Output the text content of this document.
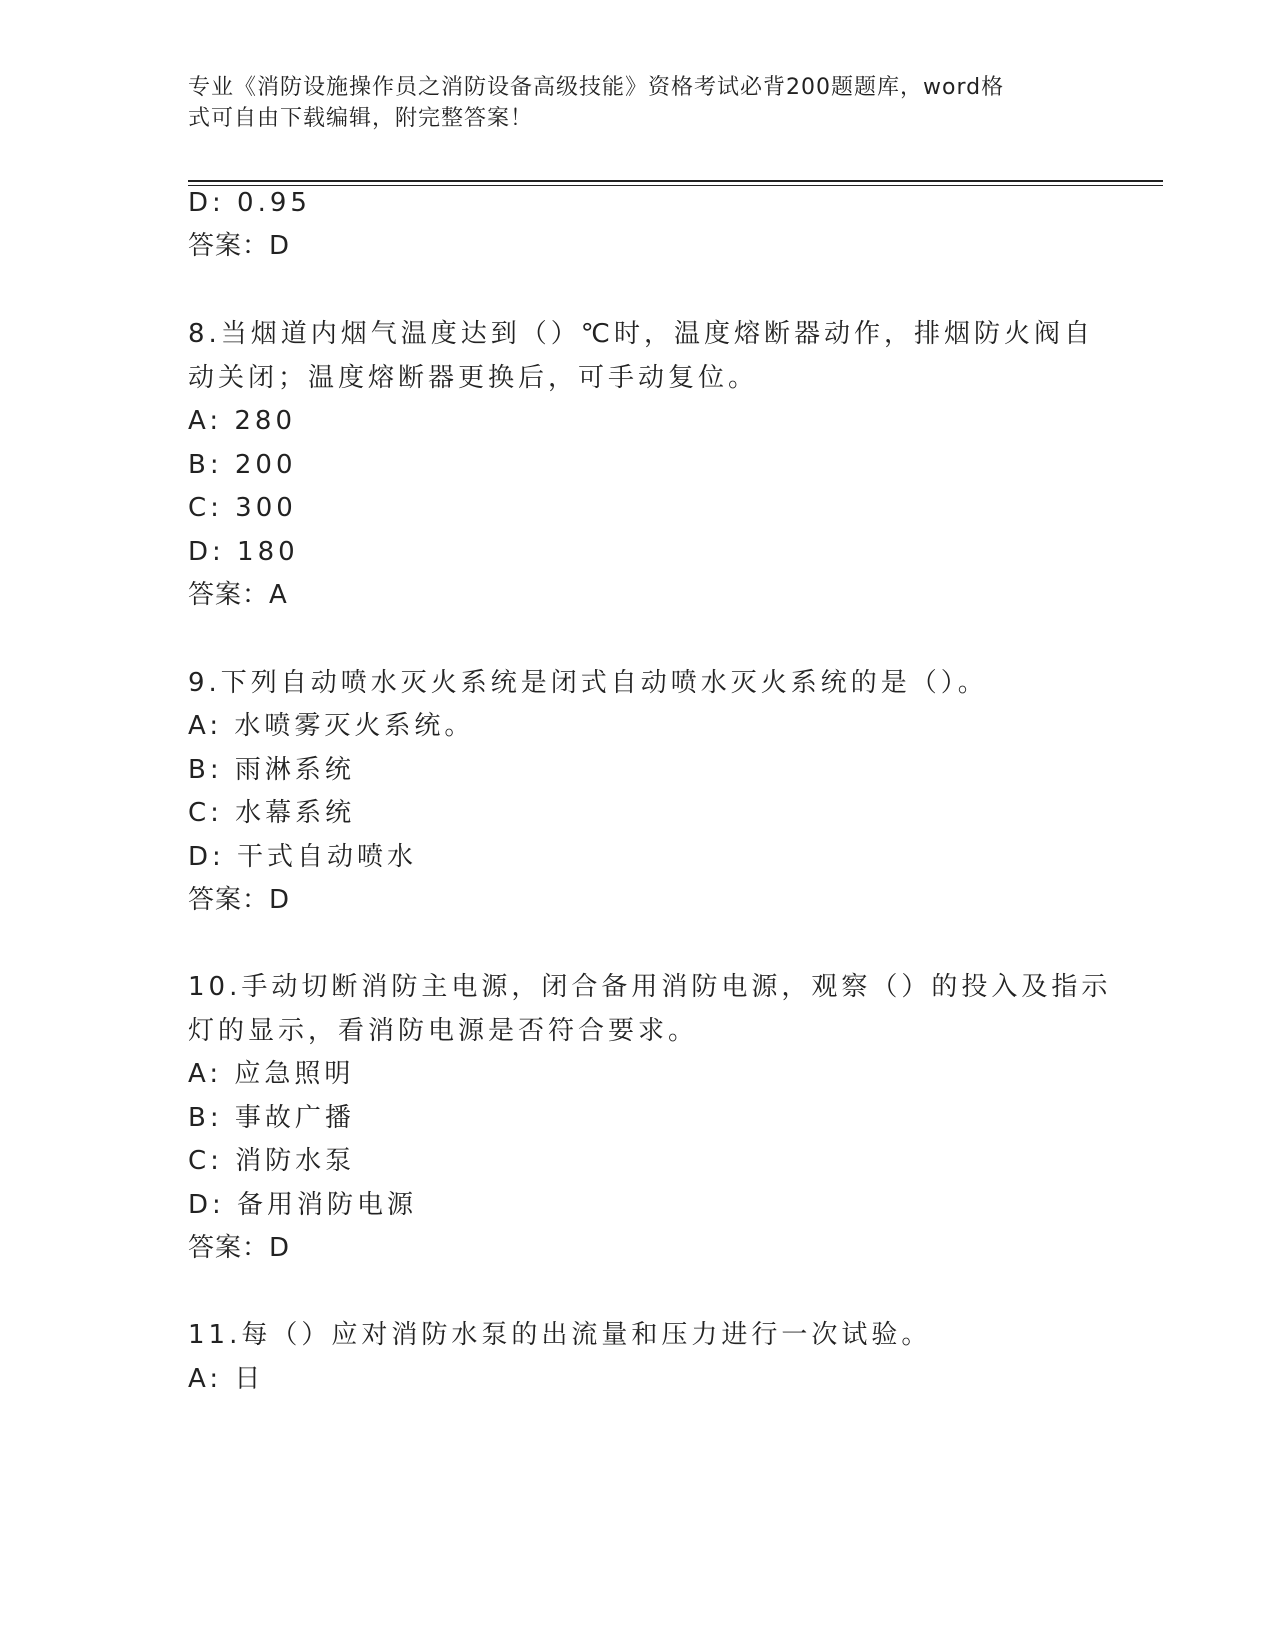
专业《消防设施操作员之消防设备高级技能》资格考试必背200题题库，word格
式可自由下载编辑，附完整答案！
D: 0.95
答案：D
8.当烟道内烟气温度达到（）℃时，温度熔断器动作，排烟防火阀自
动关闭；温度熔断器更换后，可手动复位。
A: 280
B: 200
C: 300
D: 180
答案：A
9.下列自动喷水灭火系统是闭式自动喷水灭火系统的是（）。
A: 水喷雾灭火系统。
B: 雨淋系统
C: 水幕系统
D: 干式自动喷水
答案：D
10.手动切断消防主电源，闭合备用消防电源，观察（）的投入及指示
灯的显示，看消防电源是否符合要求。
A: 应急照明
B: 事故广播
C: 消防水泵
D: 备用消防电源
答案：D
11.每（）应对消防水泵的出流量和压力进行一次试验。
A: 日
